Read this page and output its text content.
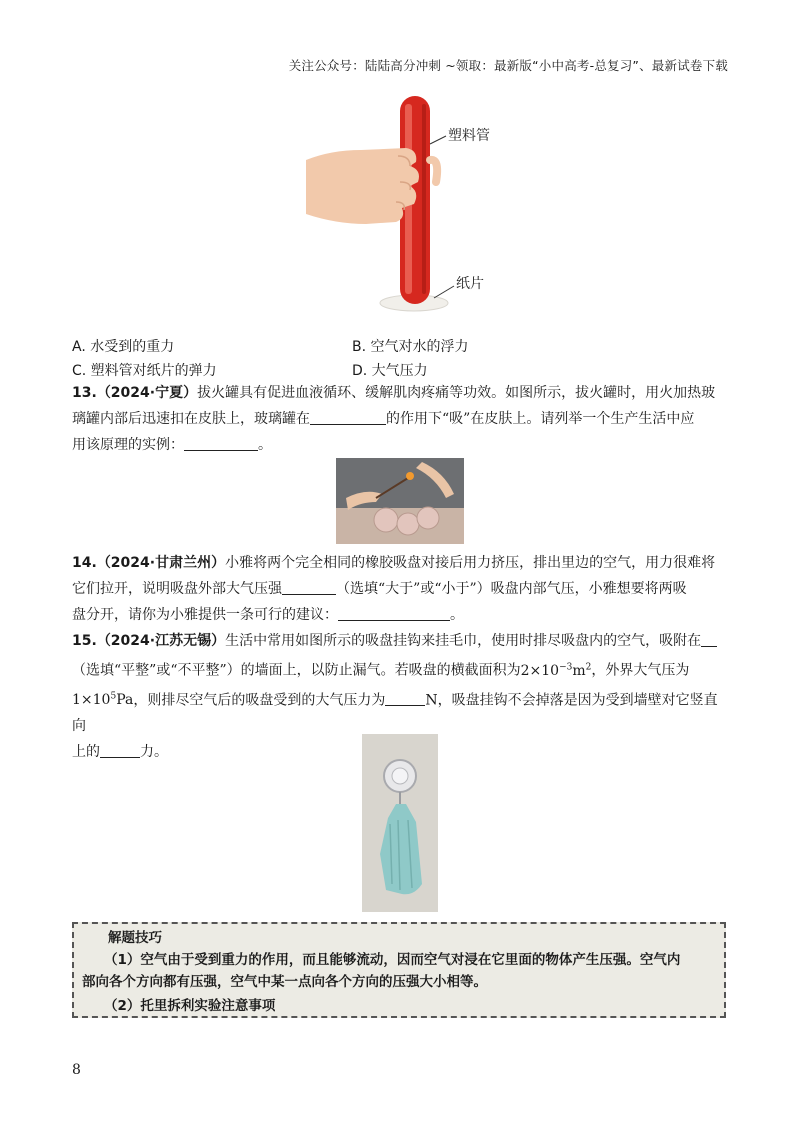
关注公众号：陆陆高分冲刺 ~领取：最新版“小中高考-总复习”、最新试卷下载
塑料管
纸片
A. 水受到的重力	B. 空气对水的浮力
C. 塑料管对纸片的弹力	D. 大气压力
13.（2024·宁夏）拔火罐具有促进血液循环、缓解肌肉疼痛等功效。如图所示，拔火罐时，用火加热玻
璃罐内部后迅速扣在皮肤上，玻璃罐在	的作用下“吸”在皮肤上。请列举一个生产生活中应
用该原理的实例：	。
14.（2024·甘肃兰州）小雅将两个完全相同的橡胶吸盘对接后用力挤压，排出里边的空气，用力很难将
它们拉开，说明吸盘外部大气压强	（选填“大于”或“小于”）吸盘内部气压，小雅想要将两吸
盘分开，请你为小雅提供一条可行的建议：	。
15.（2024·江苏无锡）生活中常用如图所示的吸盘挂钩来挂毛巾，使用时排尽吸盘内的空气，吸附在
（选填“平整”或“不平整”）的墙面上，以防止漏气。若吸盘的横截面积为$2\times 10^{-3}m^2$，外界大气压为
$1\times 10^5Pa$，则排尽空气后的吸盘受到的大气压力为	N，吸盘挂钩不会掉落是因为受到墙壁对它竖直向
上的	力。
解题技巧
（1）空气由于受到重力的作用，而且能够流动，因而空气对浸在它里面的物体产生压强。空气内
部向各个方向都有压强，空气中某一点向各个方向的压强大小相等。
（2）托里拆利实验注意事项
8
